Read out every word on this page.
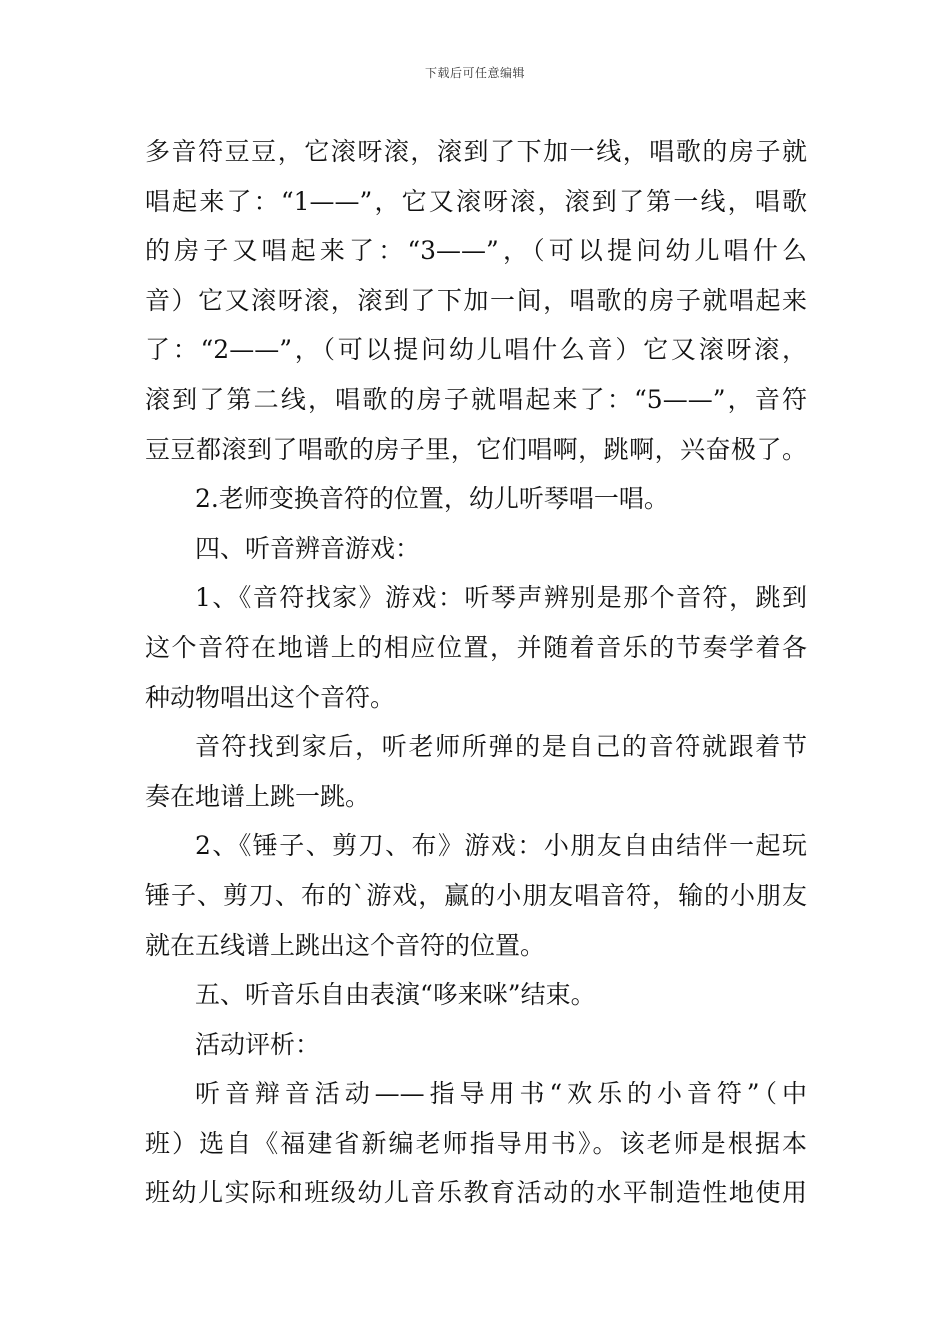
下载后可任意编辑
多音符豆豆，它滚呀滚，滚到了下加一线，唱歌的房子就
唱起来了：“1——”，它又滚呀滚，滚到了第一线，唱歌
的房子又唱起来了：“3——”，（可以提问幼儿唱什么
音）它又滚呀滚，滚到了下加一间，唱歌的房子就唱起来
了：“2——”，（可以提问幼儿唱什么音）它又滚呀滚，
滚到了第二线，唱歌的房子就唱起来了：“5——”，音符
豆豆都滚到了唱歌的房子里，它们唱啊，跳啊，兴奋极了。
2.老师变换音符的位置，幼儿听琴唱一唱。
四、听音辨音游戏：
1、《音符找家》游戏：听琴声辨别是那个音符，跳到
这个音符在地谱上的相应位置，并随着音乐的节奏学着各
种动物唱出这个音符。
音符找到家后，听老师所弹的是自己的音符就跟着节
奏在地谱上跳一跳。
2、《锤子、剪刀、布》游戏：小朋友自由结伴一起玩
锤子、剪刀、布的`游戏，赢的小朋友唱音符，输的小朋友
就在五线谱上跳出这个音符的位置。
五、听音乐自由表演“哆来咪”结束。
活动评析：
听音辩音活动——指导用书“欢乐的小音符”（中
班）选自《福建省新编老师指导用书》。该老师是根据本
班幼儿实际和班级幼儿音乐教育活动的水平制造性地使用
